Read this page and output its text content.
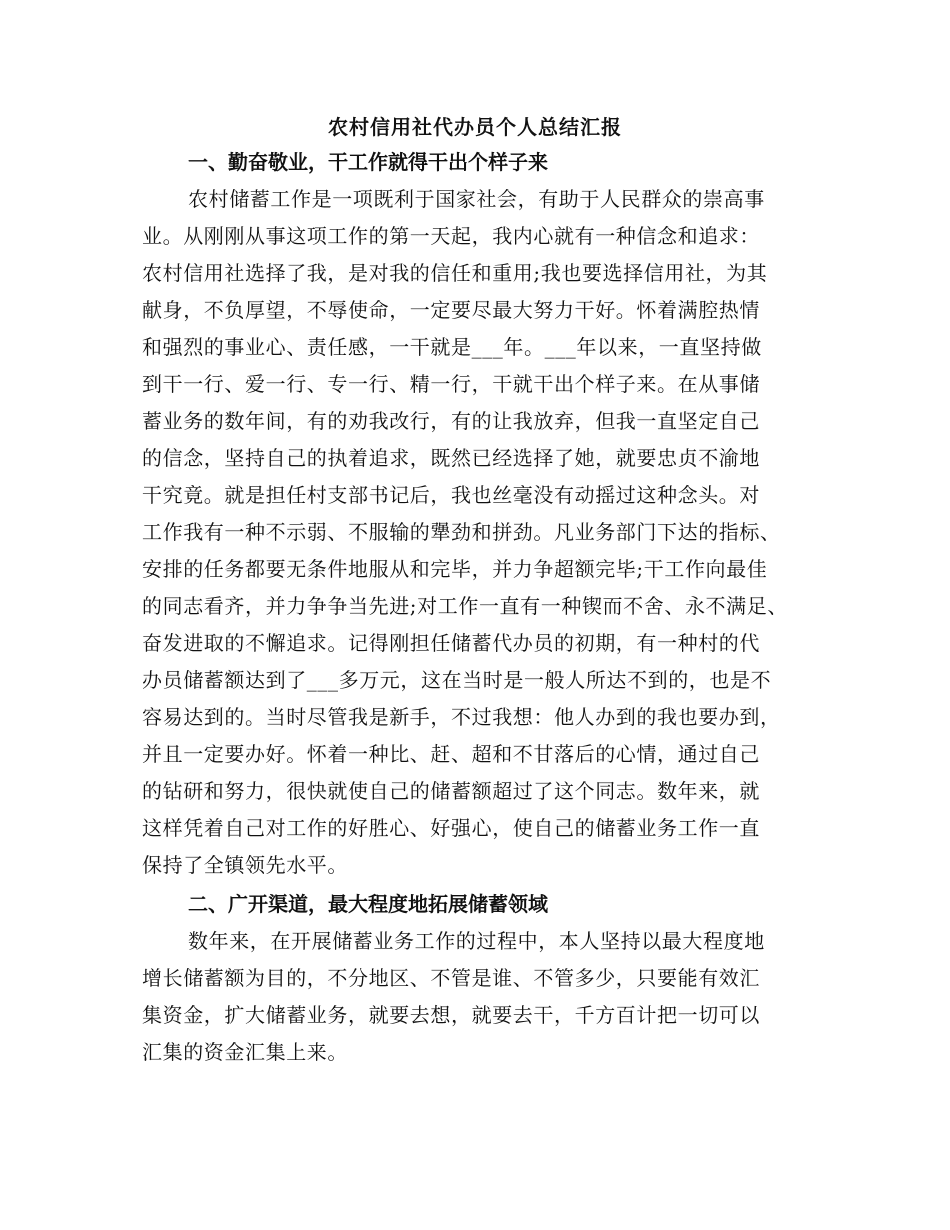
农村信用社代办员个人总结汇报
一、勤奋敬业，干工作就得干出个样子来
农村储蓄工作是一项既利于国家社会，有助于人民群众的崇高事
业。从刚刚从事这项工作的第一天起，我内心就有一种信念和追求：
农村信用社选择了我，是对我的信任和重用;我也要选择信用社，为其
献身，不负厚望，不辱使命，一定要尽最大努力干好。怀着满腔热情
和强烈的事业心、责任感，一干就是___年。___年以来，一直坚持做
到干一行、爱一行、专一行、精一行，干就干出个样子来。在从事储
蓄业务的数年间，有的劝我改行，有的让我放弃，但我一直坚定自己
的信念，坚持自己的执着追求，既然已经选择了她，就要忠贞不渝地
干究竟。就是担任村支部书记后，我也丝毫没有动摇过这种念头。对
工作我有一种不示弱、不服输的犟劲和拼劲。凡业务部门下达的指标、
安排的任务都要无条件地服从和完毕，并力争超额完毕;干工作向最佳
的同志看齐，并力争争当先进;对工作一直有一种锲而不舍、永不满足、
奋发进取的不懈追求。记得刚担任储蓄代办员的初期，有一种村的代
办员储蓄额达到了___多万元，这在当时是一般人所达不到的，也是不
容易达到的。当时尽管我是新手，不过我想：他人办到的我也要办到，
并且一定要办好。怀着一种比、赶、超和不甘落后的心情，通过自己
的钻研和努力，很快就使自己的储蓄额超过了这个同志。数年来，就
这样凭着自己对工作的好胜心、好强心，使自己的储蓄业务工作一直
保持了全镇领先水平。
二、广开渠道，最大程度地拓展储蓄领域
数年来，在开展储蓄业务工作的过程中，本人坚持以最大程度地
增长储蓄额为目的，不分地区、不管是谁、不管多少，只要能有效汇
集资金，扩大储蓄业务，就要去想，就要去干，千方百计把一切可以
汇集的资金汇集上来。
